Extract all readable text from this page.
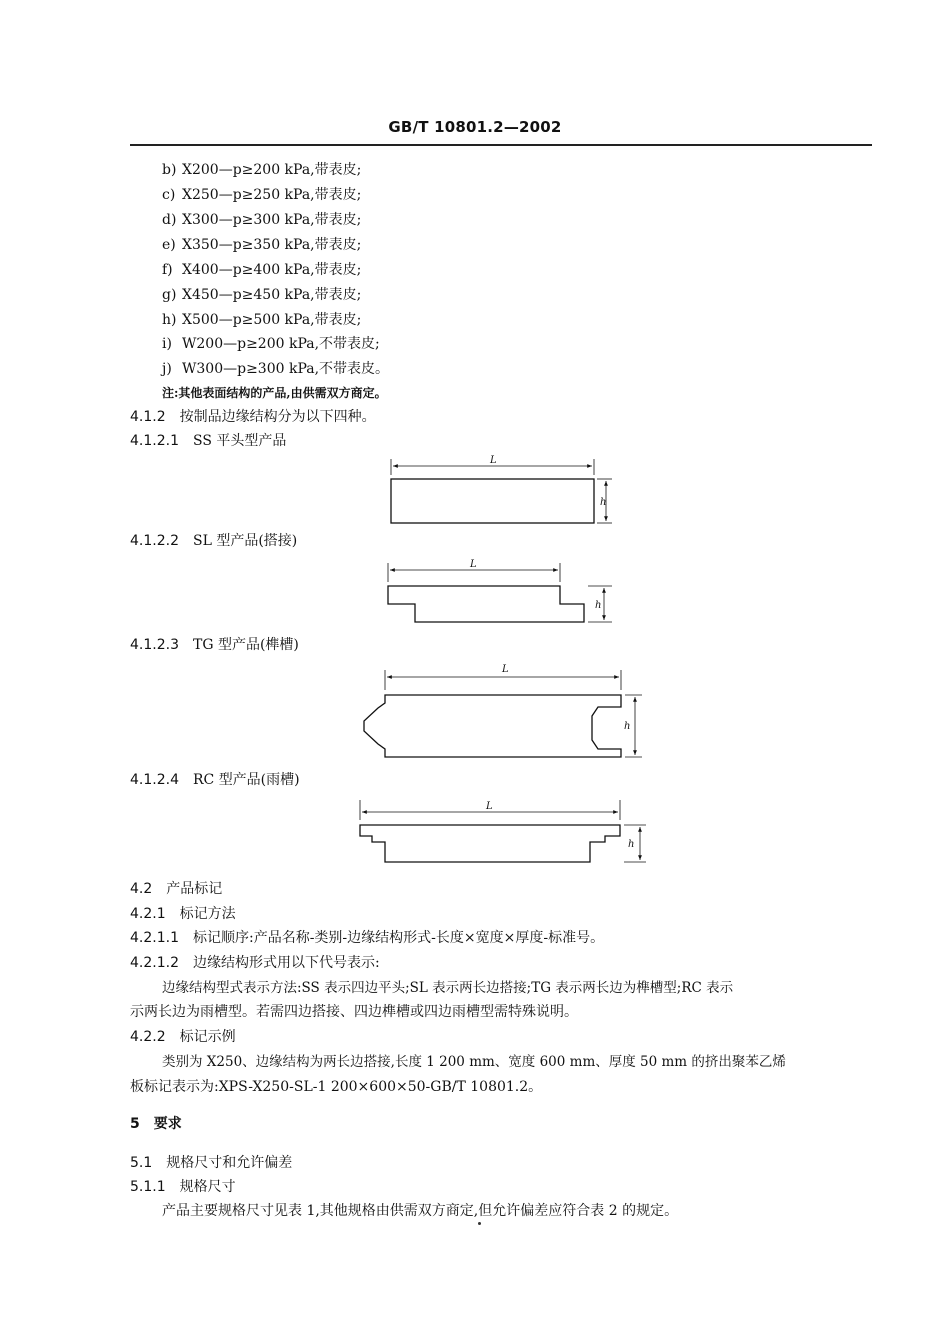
GB/T 10801.2—2002
b) X200—p≥200 kPa,带表皮;
c) X250—p≥250 kPa,带表皮;
d) X300—p≥300 kPa,带表皮;
e) X350—p≥350 kPa,带表皮;
f) X400—p≥400 kPa,带表皮;
g) X450—p≥450 kPa,带表皮;
h) X500—p≥500 kPa,带表皮;
i) W200—p≥200 kPa,不带表皮;
j) W300—p≥300 kPa,不带表皮。
注:其他表面结构的产品,由供需双方商定。
4.1.2 按制品边缘结构分为以下四种。
4.1.2.1 SS 平头型产品
4.1.2.2 SL 型产品(搭接)
4.1.2.3 TG 型产品(榫槽)
4.1.2.4 RC 型产品(雨槽)
L
h
L
h
L
h
L
h
4.2 产品标记
4.2.1 标记方法
4.2.1.1 标记顺序:产品名称-类别-边缘结构形式-长度×宽度×厚度-标准号。
4.2.1.2 边缘结构形式用以下代号表示:
边缘结构型式表示方法:SS 表示四边平头;SL 表示两长边搭接;TG 表示两长边为榫槽型;RC 表示
示两长边为雨槽型。若需四边搭接、四边榫槽或四边雨槽型需特殊说明。
4.2.2 标记示例
类别为 X250、边缘结构为两长边搭接,长度 1 200 mm、宽度 600 mm、厚度 50 mm 的挤出聚苯乙烯
板标记表示为:XPS-X250-SL-1 200×600×50-GB/T 10801.2。
5 要求
5.1 规格尺寸和允许偏差
5.1.1 规格尺寸
产品主要规格尺寸见表 1,其他规格由供需双方商定,但允许偏差应符合表 2 的规定。
